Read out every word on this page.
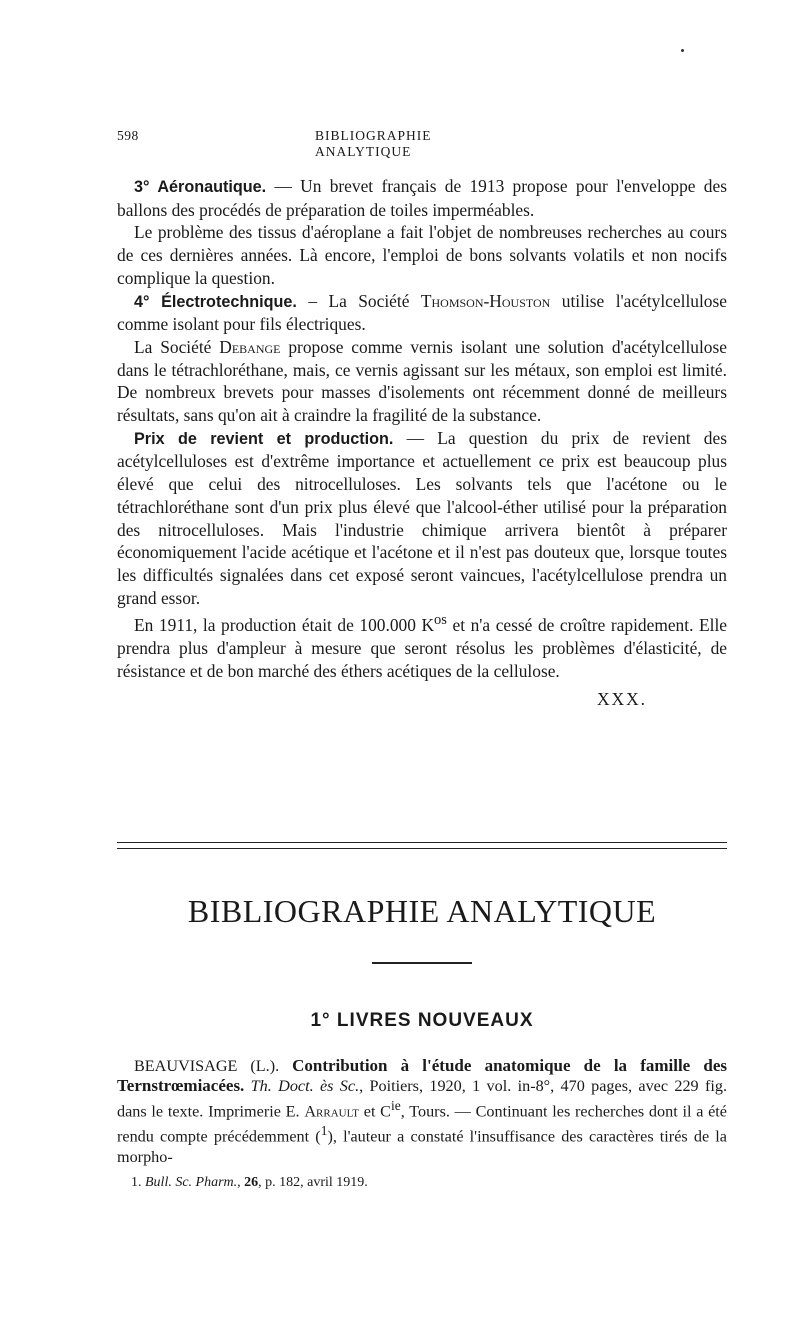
598	BIBLIOGRAPHIE ANALYTIQUE

3° Aéronautique. — Un brevet français de 1913 propose pour l'enveloppe des ballons des procédés de préparation de toiles imperméables.

Le problème des tissus d'aéroplane a fait l'objet de nombreuses recherches au cours de ces dernières années. Là encore, l'emploi de bons solvants volatils et non nocifs complique la question.

4° Électrotechnique. – La Société Thomson-Houston utilise l'acétylcellulose comme isolant pour fils électriques.

La Société Debange propose comme vernis isolant une solution d'acétylcellulose dans le tétrachloréthane, mais, ce vernis agissant sur les métaux, son emploi est limité. De nombreux brevets pour masses d'isolements ont récemment donné de meilleurs résultats, sans qu'on ait à craindre la fragilité de la substance.

Prix de revient et production. — La question du prix de revient des acétylcelluloses est d'extrême importance et actuellement ce prix est beaucoup plus élevé que celui des nitrocelluloses. Les solvants tels que l'acétone ou le tétrachloréthane sont d'un prix plus élevé que l'alcool-éther utilisé pour la préparation des nitrocelluloses. Mais l'industrie chimique arrivera bientôt à préparer économiquement l'acide acétique et l'acétone et il n'est pas douteux que, lorsque toutes les difficultés signalées dans cet exposé seront vaincues, l'acétylcellulose prendra un grand essor.

En 1911, la production était de 100.000 $K^{os}$ et n'a cessé de croître rapidement. Elle prendra plus d'ampleur à mesure que seront résolus les problèmes d'élasticité, de résistance et de bon marché des éthers acétiques de la cellulose.

XXX.
BIBLIOGRAPHIE ANALYTIQUE
1° LIVRES NOUVEAUX
BEAUVISAGE (L.). Contribution à l'étude anatomique de la famille des Ternstrœmiacées. Th. Doct. ès Sc., Poitiers, 1920, 1 vol. in-8°, 470 pages, avec 229 fig. dans le texte. Imprimerie E. Arrault et $C^{ie}$, Tours. — Continuant les recherches dont il a été rendu compte précédemment ($^1$), l'auteur a constaté l'insuffisance des caractères tirés de la morpho-
1. Bull. Sc. Pharm., 26, p. 182, avril 1919.
